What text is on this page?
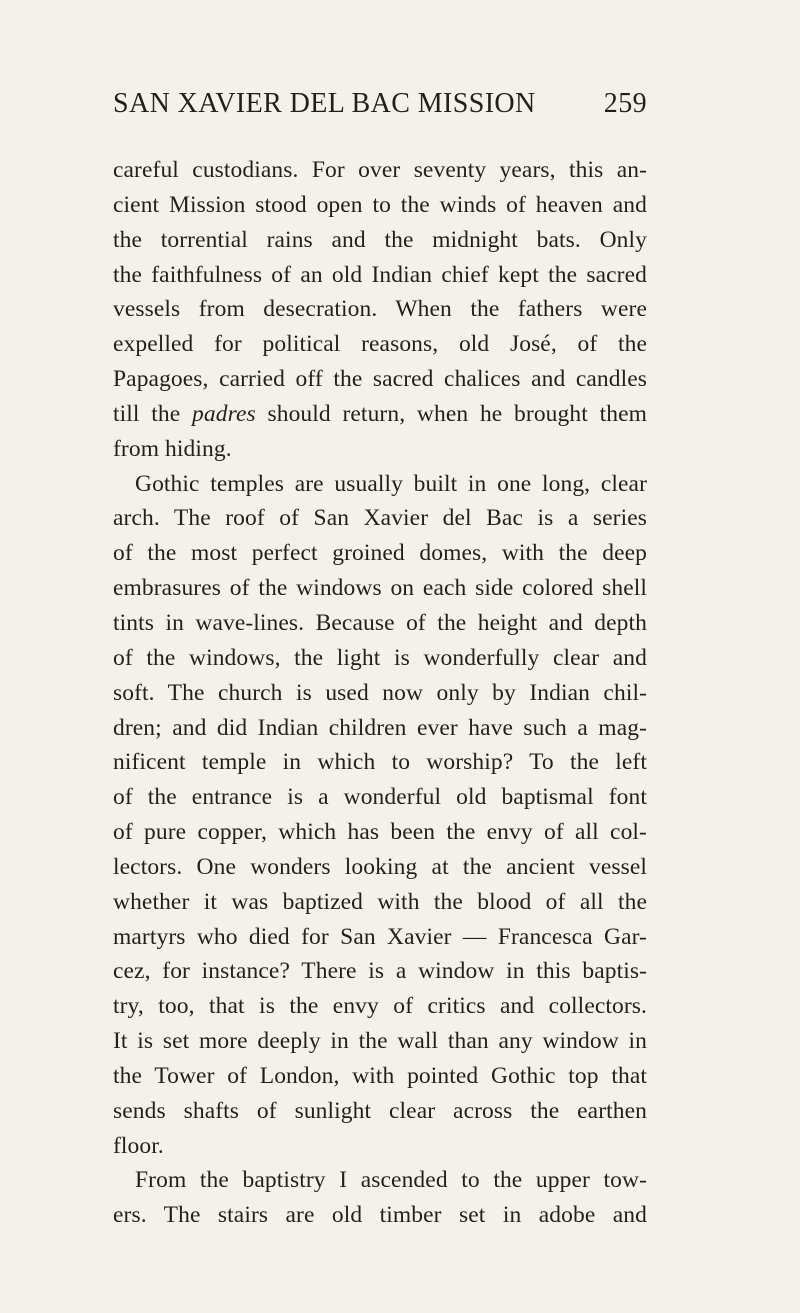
SAN XAVIER DEL BAC MISSION 259
careful custodians. For over seventy years, this an-
cient Mission stood open to the winds of heaven and
the torrential rains and the midnight bats. Only
the faithfulness of an old Indian chief kept the sacred
vessels from desecration. When the fathers were
expelled for political reasons, old José, of the
Papagoes, carried off the sacred chalices and candles
till the padres should return, when he brought them
from hiding.
Gothic temples are usually built in one long, clear
arch. The roof of San Xavier del Bac is a series
of the most perfect groined domes, with the deep
embrasures of the windows on each side colored shell
tints in wave-lines. Because of the height and depth
of the windows, the light is wonderfully clear and
soft. The church is used now only by Indian chil-
dren; and did Indian children ever have such a mag-
nificent temple in which to worship? To the left
of the entrance is a wonderful old baptismal font
of pure copper, which has been the envy of all col-
lectors. One wonders looking at the ancient vessel
whether it was baptized with the blood of all the
martyrs who died for San Xavier — Francesca Gar-
cez, for instance? There is a window in this baptis-
try, too, that is the envy of critics and collectors.
It is set more deeply in the wall than any window in
the Tower of London, with pointed Gothic top that
sends shafts of sunlight clear across the earthen
floor.
From the baptistry I ascended to the upper tow-
ers. The stairs are old timber set in adobe and
